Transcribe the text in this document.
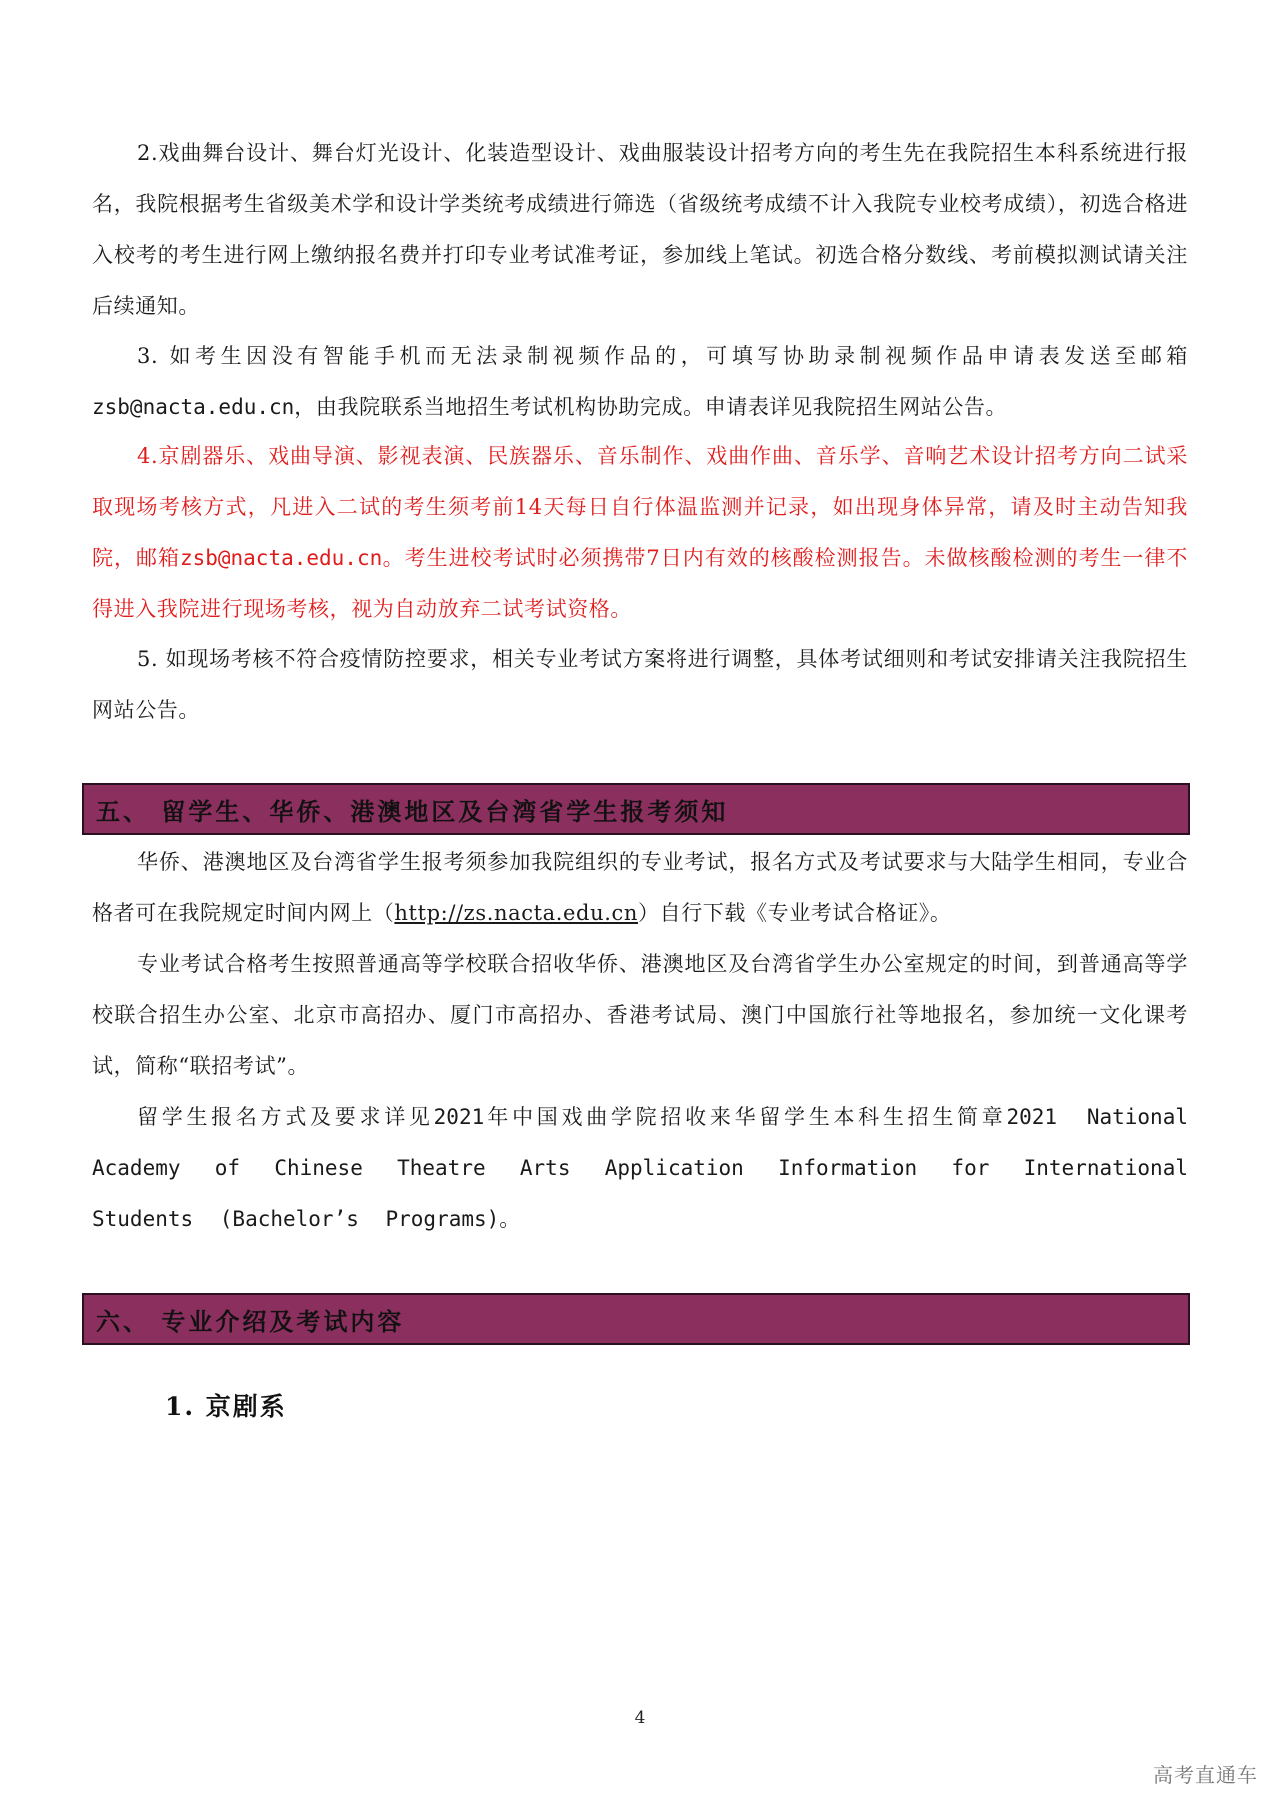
2.戏曲舞台设计、舞台灯光设计、化装造型设计、戏曲服装设计招考方向的考生先在我院招生本科系统进行报名，我院根据考生省级美术学和设计学类统考成绩进行筛选（省级统考成绩不计入我院专业校考成绩），初选合格进入校考的考生进行网上缴纳报名费并打印专业考试准考证，参加线上笔试。初选合格分数线、考前模拟测试请关注后续通知。

3. 如考生因没有智能手机而无法录制视频作品的，可填写协助录制视频作品申请表发送至邮箱zsb@nacta.edu.cn，由我院联系当地招生考试机构协助完成。申请表详见我院招生网站公告。

4.京剧器乐、戏曲导演、影视表演、民族器乐、音乐制作、戏曲作曲、音乐学、音响艺术设计招考方向二试采取现场考核方式，凡进入二试的考生须考前14天每日自行体温监测并记录，如出现身体异常，请及时主动告知我院，邮箱zsb@nacta.edu.cn。考生进校考试时必须携带7日内有效的核酸检测报告。未做核酸检测的考生一律不得进入我院进行现场考核，视为自动放弃二试考试资格。

5. 如现场考核不符合疫情防控要求，相关专业考试方案将进行调整，具体考试细则和考试安排请关注我院招生网站公告。

五、 留学生、华侨、港澳地区及台湾省学生报考须知

华侨、港澳地区及台湾省学生报考须参加我院组织的专业考试，报名方式及考试要求与大陆学生相同，专业合格者可在我院规定时间内网上（http://zs.nacta.edu.cn）自行下载《专业考试合格证》。

专业考试合格考生按照普通高等学校联合招收华侨、港澳地区及台湾省学生办公室规定的时间，到普通高等学校联合招生办公室、北京市高招办、厦门市高招办、香港考试局、澳门中国旅行社等地报名，参加统一文化课考试，简称“联招考试”。

留学生报名方式及要求详见2021年中国戏曲学院招收来华留学生本科生招生简章2021 National Academy of Chinese Theatre Arts Application Information for International Students (Bachelor’s Programs)。

六、 专业介绍及考试内容
1. 京剧系
4
高考直通车
